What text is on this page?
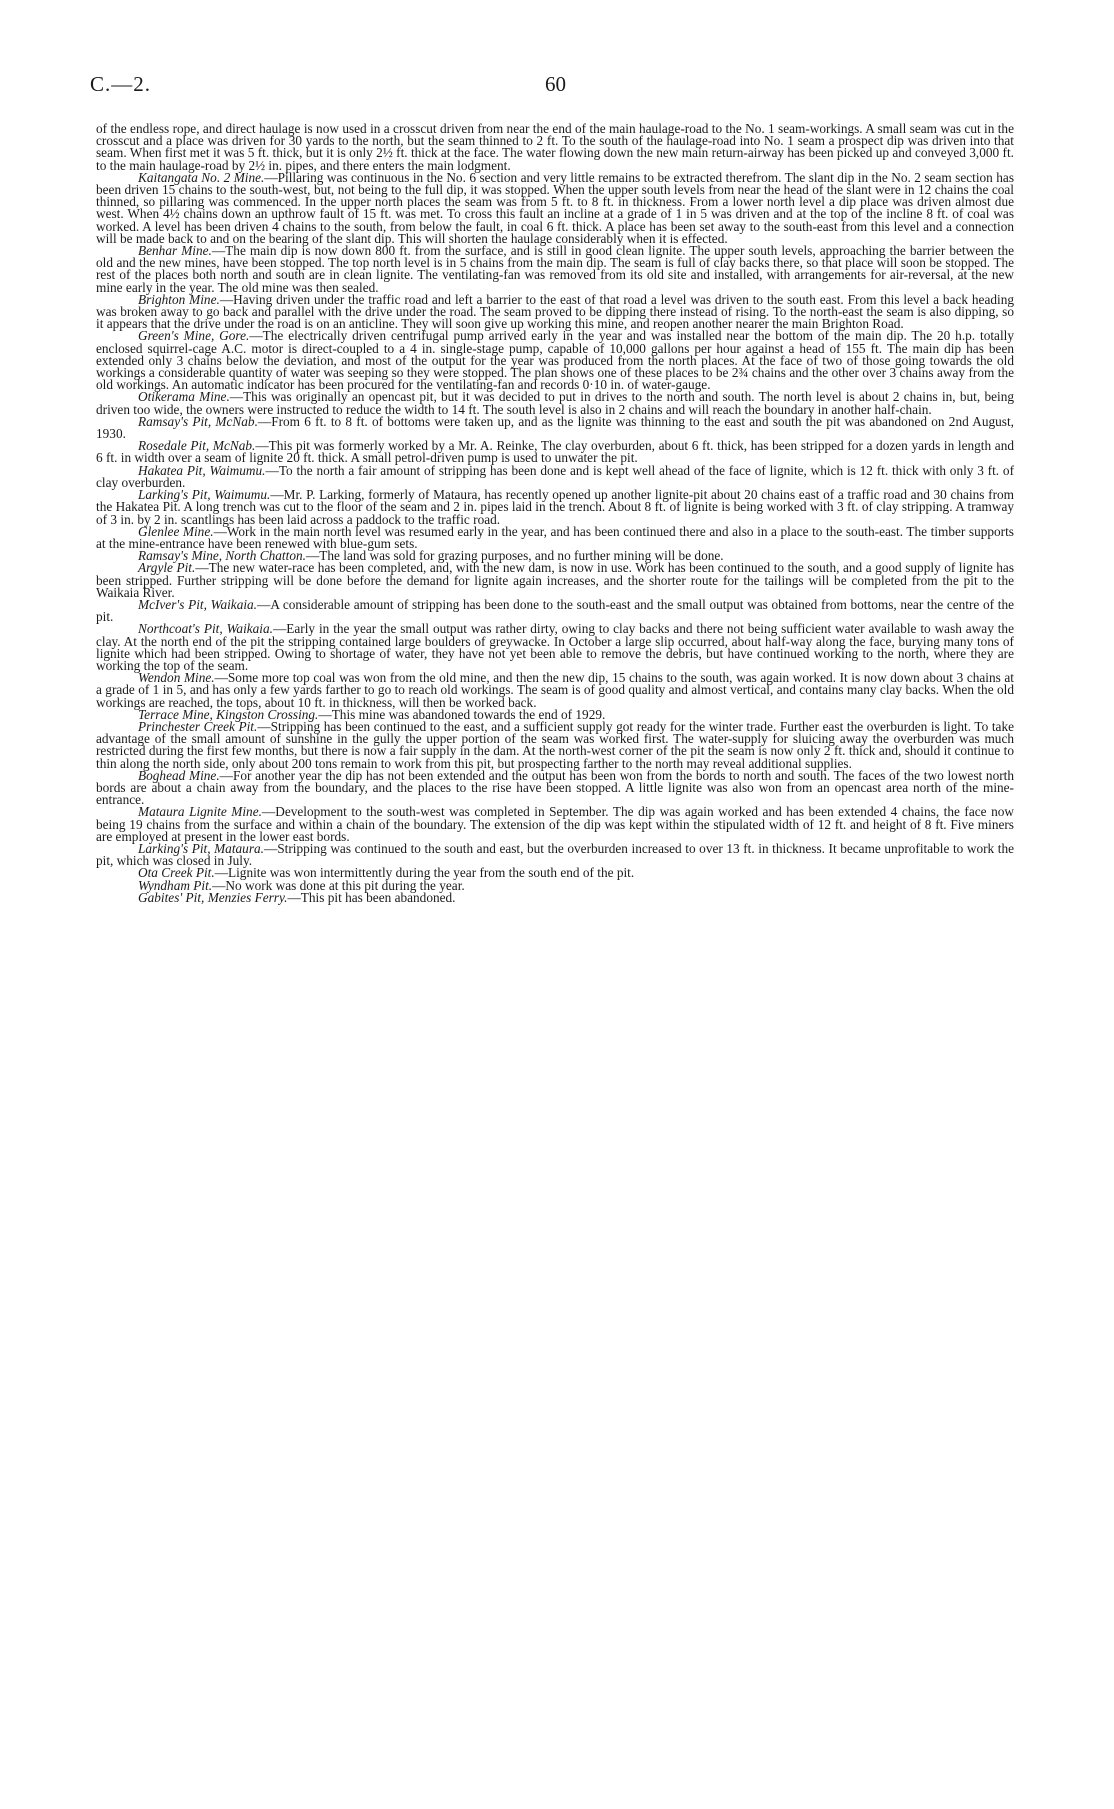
C.—2.	60

of the endless rope, and direct haulage is now used in a crosscut driven from near the end of the main haulage-road to the No. 1 seam-workings. A small seam was cut in the crosscut and a place was driven for 30 yards to the north, but the seam thinned to 2 ft. To the south of the haulage-road into No. 1 seam a prospect dip was driven into that seam. When first met it was 5 ft. thick, but it is only 2½ ft. thick at the face. The water flowing down the new main return-airway has been picked up and conveyed 3,000 ft. to the main haulage-road by 2½ in. pipes, and there enters the main lodgment.

Kaitangata No. 2 Mine.—Pillaring was continuous in the No. 6 section and very little remains to be extracted therefrom. The slant dip in the No. 2 seam section has been driven 15 chains to the south-west, but, not being to the full dip, it was stopped. When the upper south levels from near the head of the slant were in 12 chains the coal thinned, so pillaring was commenced. In the upper north places the seam was from 5 ft. to 8 ft. in thickness. From a lower north level a dip place was driven almost due west. When 4½ chains down an upthrow fault of 15 ft. was met. To cross this fault an incline at a grade of 1 in 5 was driven and at the top of the incline 8 ft. of coal was worked. A level has been driven 4 chains to the south, from below the fault, in coal 6 ft. thick. A place has been set away to the south-east from this level and a connection will be made back to and on the bearing of the slant dip. This will shorten the haulage considerably when it is effected.

Benhar Mine.—The main dip is now down 800 ft. from the surface, and is still in good clean lignite. The upper south levels, approaching the barrier between the old and the new mines, have been stopped. The top north level is in 5 chains from the main dip. The seam is full of clay backs there, so that place will soon be stopped. The rest of the places both north and south are in clean lignite. The ventilating-fan was removed from its old site and installed, with arrangements for air-reversal, at the new mine early in the year. The old mine was then sealed.

Brighton Mine.—Having driven under the traffic road and left a barrier to the east of that road a level was driven to the south east. From this level a back heading was broken away to go back and parallel with the drive under the road. The seam proved to be dipping there instead of rising. To the north-east the seam is also dipping, so it appears that the drive under the road is on an anticline. They will soon give up working this mine, and reopen another nearer the main Brighton Road.

Green's Mine, Gore.—The electrically driven centrifugal pump arrived early in the year and was installed near the bottom of the main dip. The 20 h.p. totally enclosed squirrel-cage A.C. motor is direct-coupled to a 4 in. single-stage pump, capable of 10,000 gallons per hour against a head of 155 ft. The main dip has been extended only 3 chains below the deviation, and most of the output for the year was produced from the north places. At the face of two of those going towards the old workings a considerable quantity of water was seeping so they were stopped. The plan shows one of these places to be 2¾ chains and the other over 3 chains away from the old workings. An automatic indicator has been procured for the ventilating-fan and records 0·10 in. of water-gauge.

Otikerama Mine.—This was originally an opencast pit, but it was decided to put in drives to the north and south. The north level is about 2 chains in, but, being driven too wide, the owners were instructed to reduce the width to 14 ft. The south level is also in 2 chains and will reach the boundary in another half-chain.

Ramsay's Pit, McNab.—From 6 ft. to 8 ft. of bottoms were taken up, and as the lignite was thinning to the east and south the pit was abandoned on 2nd August, 1930.

Rosedale Pit, McNab.—This pit was formerly worked by a Mr. A. Reinke, The clay overburden, about 6 ft. thick, has been stripped for a dozen yards in length and 6 ft. in width over a seam of lignite 20 ft. thick. A small petrol-driven pump is used to unwater the pit.

Hakatea Pit, Waimumu.—To the north a fair amount of stripping has been done and is kept well ahead of the face of lignite, which is 12 ft. thick with only 3 ft. of clay overburden.

Larking's Pit, Waimumu.—Mr. P. Larking, formerly of Mataura, has recently opened up another lignite-pit about 20 chains east of a traffic road and 30 chains from the Hakatea Pit. A long trench was cut to the floor of the seam and 2 in. pipes laid in the trench. About 8 ft. of lignite is being worked with 3 ft. of clay stripping. A tramway of 3 in. by 2 in. scantlings has been laid across a paddock to the traffic road.

Glenlee Mine.—Work in the main north level was resumed early in the year, and has been continued there and also in a place to the south-east. The timber supports at the mine-entrance have been renewed with blue-gum sets.

Ramsay's Mine, North Chatton.—The land was sold for grazing purposes, and no further mining will be done.

Argyle Pit.—The new water-race has been completed, and, with the new dam, is now in use. Work has been continued to the south, and a good supply of lignite has been stripped. Further stripping will be done before the demand for lignite again increases, and the shorter route for the tailings will be completed from the pit to the Waikaia River.

McIver's Pit, Waikaia.—A considerable amount of stripping has been done to the south-east and the small output was obtained from bottoms, near the centre of the pit.

Northcoat's Pit, Waikaia.—Early in the year the small output was rather dirty, owing to clay backs and there not being sufficient water available to wash away the clay. At the north end of the pit the stripping contained large boulders of greywacke. In October a large slip occurred, about half-way along the face, burying many tons of lignite which had been stripped. Owing to shortage of water, they have not yet been able to remove the debris, but have continued working to the north, where they are working the top of the seam.

Wendon Mine.—Some more top coal was won from the old mine, and then the new dip, 15 chains to the south, was again worked. It is now down about 3 chains at a grade of 1 in 5, and has only a few yards farther to go to reach old workings. The seam is of good quality and almost vertical, and contains many clay backs. When the old workings are reached, the tops, about 10 ft. in thickness, will then be worked back.

Terrace Mine, Kingston Crossing.—This mine was abandoned towards the end of 1929.

Princhester Creek Pit.—Stripping has been continued to the east, and a sufficient supply got ready for the winter trade. Further east the overburden is light. To take advantage of the small amount of sunshine in the gully the upper portion of the seam was worked first. The water-supply for sluicing away the overburden was much restricted during the first few months, but there is now a fair supply in the dam. At the north-west corner of the pit the seam is now only 2 ft. thick and, should it continue to thin along the north side, only about 200 tons remain to work from this pit, but prospecting farther to the north may reveal additional supplies.

Boghead Mine.—For another year the dip has not been extended and the output has been won from the bords to north and south. The faces of the two lowest north bords are about a chain away from the boundary, and the places to the rise have been stopped. A little lignite was also won from an opencast area north of the mine-entrance.

Mataura Lignite Mine.—Development to the south-west was completed in September. The dip was again worked and has been extended 4 chains, the face now being 19 chains from the surface and within a chain of the boundary. The extension of the dip was kept within the stipulated width of 12 ft. and height of 8 ft. Five miners are employed at present in the lower east bords.

Larking's Pit, Mataura.—Stripping was continued to the south and east, but the overburden increased to over 13 ft. in thickness. It became unprofitable to work the pit, which was closed in July.

Ota Creek Pit.—Lignite was won intermittently during the year from the south end of the pit.

Wyndham Pit.—No work was done at this pit during the year.

Gabites' Pit, Menzies Ferry.—This pit has been abandoned.
